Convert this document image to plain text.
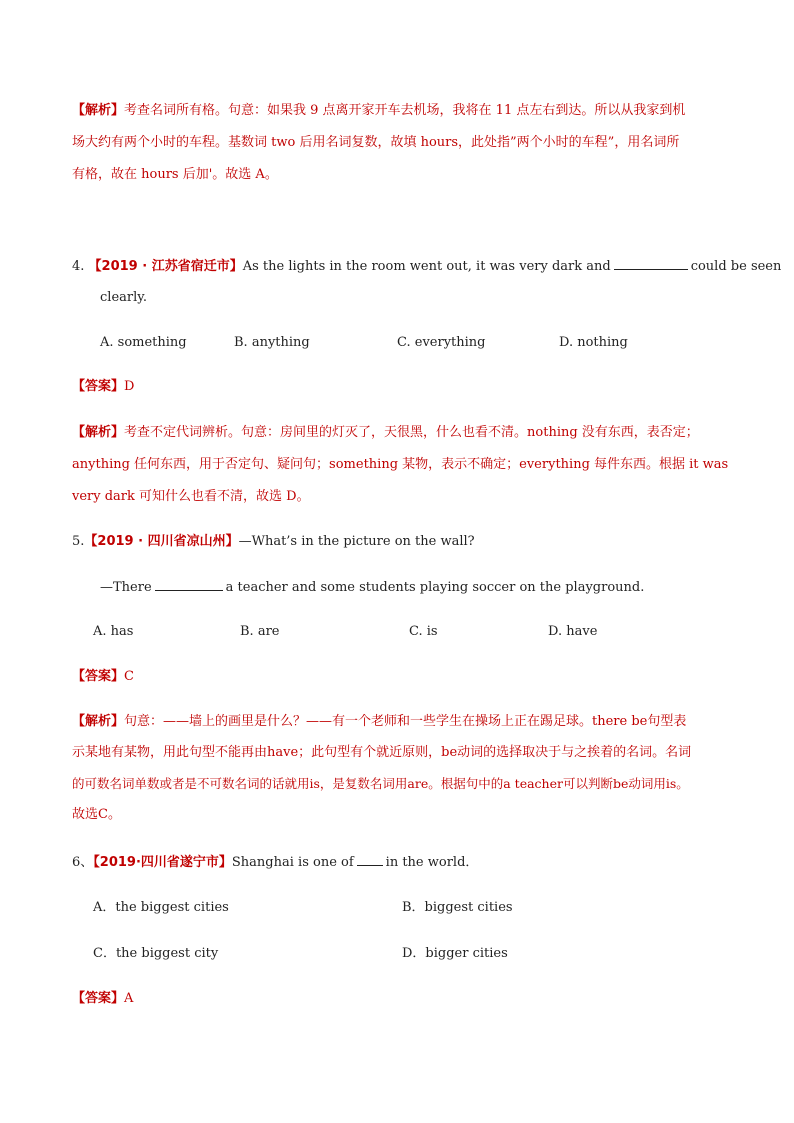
【解析】考查名词所有格。句意：如果我 9 点离开家开车去机场，我将在 11 点左右到达。所以从我家到机
场大约有两个小时的车程。基数词 two 后用名词复数，故填 hours，此处指”两个小时的车程”，用名词所
有格，故在 hours 后加'。故选 A。
4. 【2019 · 江苏省宿迁市】As the lights in the room went out, it was very dark and	could be seen
clearly.
A. something	B. anything	C. everything	D. nothing
【答案】D
【解析】考查不定代词辨析。句意：房间里的灯灭了，天很黑，什么也看不清。nothing 没有东西，表否定；
anything 任何东西，用于否定句、疑问句；something 某物，表示不确定；everything 每件东西。根据 it was
very dark 可知什么也看不清，故选 D。
5.【2019 · 四川省凉山州】—What’s in the picture on the wall?
—There	a teacher and some students playing soccer on the playground.
A. has	B. are	C. is	D. have
【答案】C
【解析】句意：——墙上的画里是什么？——有一个老师和一些学生在操场上正在踢足球。there be句型表
示某地有某物，用此句型不能再由have；此句型有个就近原则，be动词的选择取决于与之挨着的名词。名词
的可数名词单数或者是不可数名词的话就用is，是复数名词用are。根据句中的a teacher可以判断be动词用is。
故选C。
6、【2019·四川省遂宁市】Shanghai is one of in the world．
A．the biggest cities	B．biggest cities
C．the biggest city	D．bigger cities
【答案】A
